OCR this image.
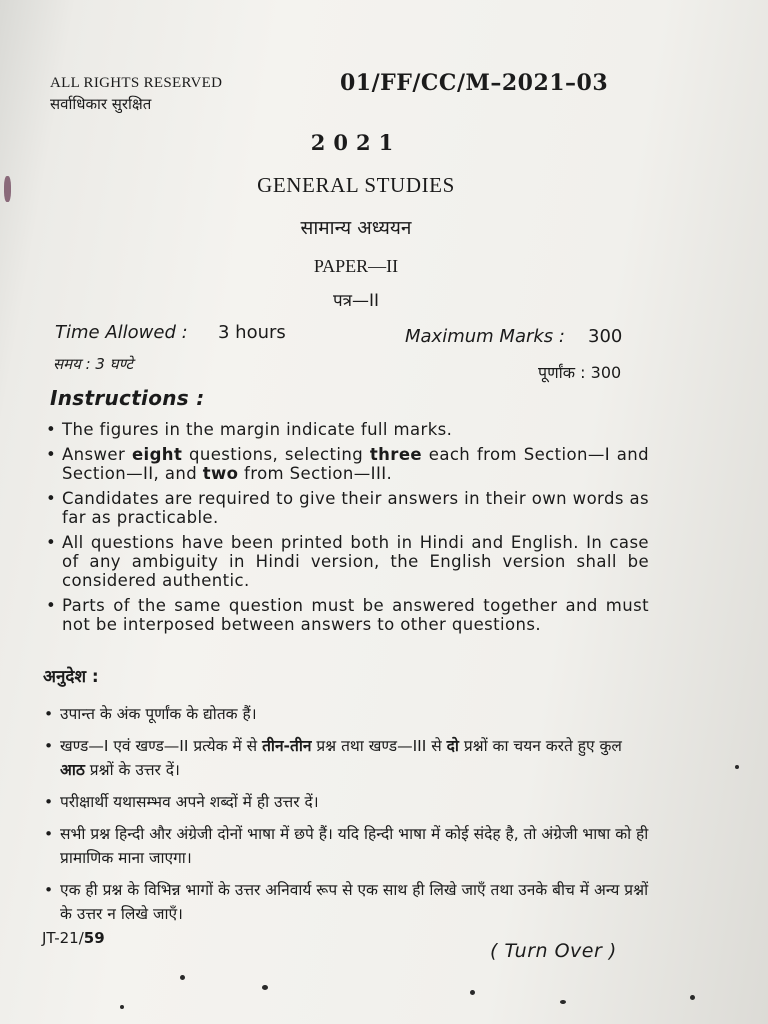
ALL RIGHTS RESERVED
सर्वाधिकार सुरक्षित
01/FF/CC/M–2021–03
2021
GENERAL STUDIES
सामान्य अध्ययन
PAPER—II
पत्र—II
Time Allowed : 3 hours	Maximum Marks : 300
समय : 3 घण्टे	पूर्णांक : 300
Instructions :
• The figures in the margin indicate full marks.
• Answer eight questions, selecting three each from Section—I and Section—II, and two from Section—III.
• Candidates are required to give their answers in their own words as far as practicable.
• All questions have been printed both in Hindi and English. In case of any ambiguity in Hindi version, the English version shall be considered authentic.
• Parts of the same question must be answered together and must not be interposed between answers to other questions.
अनुदेश :
• उपान्त के अंक पूर्णांक के द्योतक हैं।
• खण्ड—I एवं खण्ड—II प्रत्येक में से तीन-तीन प्रश्न तथा खण्ड—III से दो प्रश्नों का चयन करते हुए कुल आठ प्रश्नों के उत्तर दें।
• परीक्षार्थी यथासम्भव अपने शब्दों में ही उत्तर दें।
• सभी प्रश्न हिन्दी और अंग्रेजी दोनों भाषा में छपे हैं। यदि हिन्दी भाषा में कोई संदेह है, तो अंग्रेजी भाषा को ही प्रामाणिक माना जाएगा।
• एक ही प्रश्न के विभिन्न भागों के उत्तर अनिवार्य रूप से एक साथ ही लिखे जाएँ तथा उनके बीच में अन्य प्रश्नों के उत्तर न लिखे जाएँ।
JT-21/59
( Turn Over )
